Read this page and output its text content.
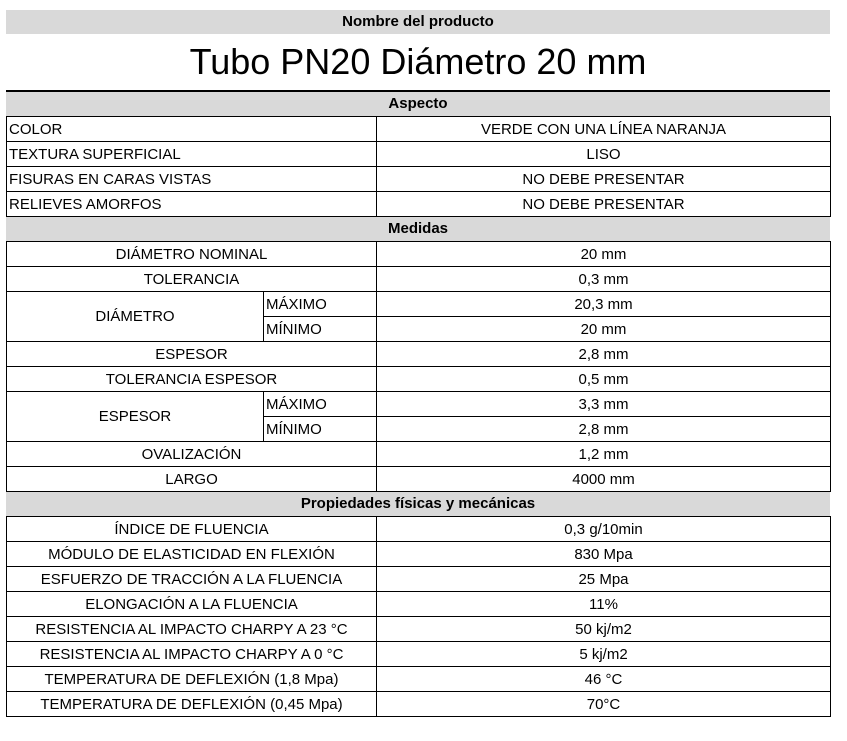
Nombre del producto
Tubo PN20 Diámetro 20 mm
Aspecto
COLOR	VERDE CON UNA LÍNEA NARANJA
TEXTURA SUPERFICIAL	LISO
FISURAS EN CARAS VISTAS	NO DEBE PRESENTAR
RELIEVES AMORFOS	NO DEBE PRESENTAR
Medidas
DIÁMETRO NOMINAL		20 mm
TOLERANCIA		0,3 mm
DIÁMETRO	MÁXIMO	20,3 mm
	MÍNIMO	20 mm
ESPESOR		2,8 mm
TOLERANCIA ESPESOR		0,5 mm
ESPESOR	MÁXIMO	3,3 mm
	MÍNIMO	2,8 mm
OVALIZACIÓN		1,2 mm
LARGO		4000 mm
Propiedades físicas y mecánicas
ÍNDICE DE FLUENCIA	0,3 g/10min
MÓDULO DE ELASTICIDAD EN FLEXIÓN	830 Mpa
ESFUERZO DE TRACCIÓN A LA FLUENCIA	25 Mpa
ELONGACIÓN A LA FLUENCIA	11%
RESISTENCIA AL IMPACTO CHARPY A 23 °C	50 kj/m2
RESISTENCIA AL IMPACTO CHARPY A 0 °C	5 kj/m2
TEMPERATURA DE DEFLEXIÓN (1,8 Mpa)	46 °C
TEMPERATURA DE DEFLEXIÓN (0,45 Mpa)	70°C
